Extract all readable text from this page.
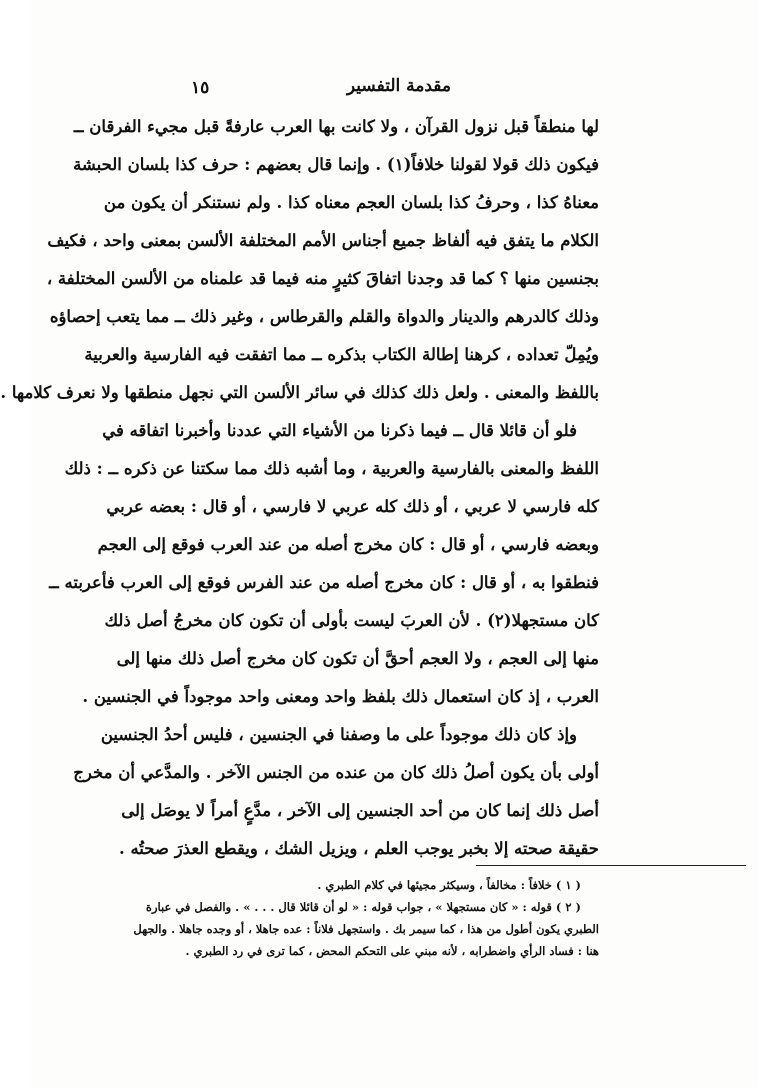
مقدمة التفسير
١٥
لها منطقاً قبل نزول القرآن ، ولا كانت بها العرب عارفةً قبل مجيء الفرقان ــ
فيكون ذلك قولا لقولنا خلافاً(١) . وإنما قال بعضهم : حرف كذا بلسان الحبشة
معناهُ كذا ، وحرفُ كذا بلسان العجم معناه كذا . ولم نستنكر أن يكون من
الكلام ما يتفق فيه ألفاظ جميع أجناس الأمم المختلفة الألسن بمعنى واحد ، فكيف
بجنسين منها ؟ كما قد وجدنا اتفاقَ كثيرٍ منه فيما قد علمناه من الألسن المختلفة ،
وذلك كالدرهم والدينار والدواة والقلم والقرطاس ، وغير ذلك ــ مما يتعب إحصاؤه
ويُمِلّ تعداده ، كرهنا إطالة الكتاب بذكره ــ مما اتفقت فيه الفارسية والعربية
باللفظ والمعنى . ولعل ذلك كذلك في سائر الألسن التي نجهل منطقها ولا نعرف كلامها .
فلو أن قائلا قال ــ فيما ذكرنا من الأشياء التي عددنا وأخبرنا اتفاقه في
اللفظ والمعنى بالفارسية والعربية ، وما أشبه ذلك مما سكتنا عن ذكره ــ : ذلك
كله فارسي لا عربي ، أو ذلك كله عربي لا فارسي ، أو قال : بعضه عربي
وبعضه فارسي ، أو قال : كان مخرج أصله من عند العرب فوقع إلى العجم
فنطقوا به ، أو قال : كان مخرج أصله من عند الفرس فوقع إلى العرب فأعربته ــ
كان مستجهلا(٢) . لأن العربَ ليست بأولى أن تكون كان مخرجُ أصل ذلك
منها إلى العجم ، ولا العجم أحقَّ أن تكون كان مخرج أصل ذلك منها إلى
العرب ، إذ كان استعمال ذلك بلفظ واحد ومعنى واحد موجوداً في الجنسين .
وإذ كان ذلك موجوداً على ما وصفنا في الجنسين ، فليس أحدُ الجنسين
أولى بأن يكون أصلُ ذلك كان من عنده من الجنس الآخر . والمدَّعي أن مخرج
أصل ذلك إنما كان من أحد الجنسين إلى الآخر ، مدَّعٍ أمراً لا يوصَل إلى
حقيقة صحته إلا بخبر يوجب العلم ، ويزيل الشك ، ويقطع العذرَ صحتُه .
( ١ ) خلافاً : مخالفاً ، وسيكثر مجيئها في كلام الطبري .
( ٢ ) قوله : « كان مستجهلا » ، جواب قوله : « لو أن قائلا قال . . . » . والفصل في عبارة
الطبري يكون أطول من هذا ، كما سيمر بك . واستجهل فلاناً : عده جاهلا ، أو وجده جاهلا . والجهل
هنا : فساد الرأي واضطرابه ، لأنه مبني على التحكم المحض ، كما ترى في رد الطبري .
